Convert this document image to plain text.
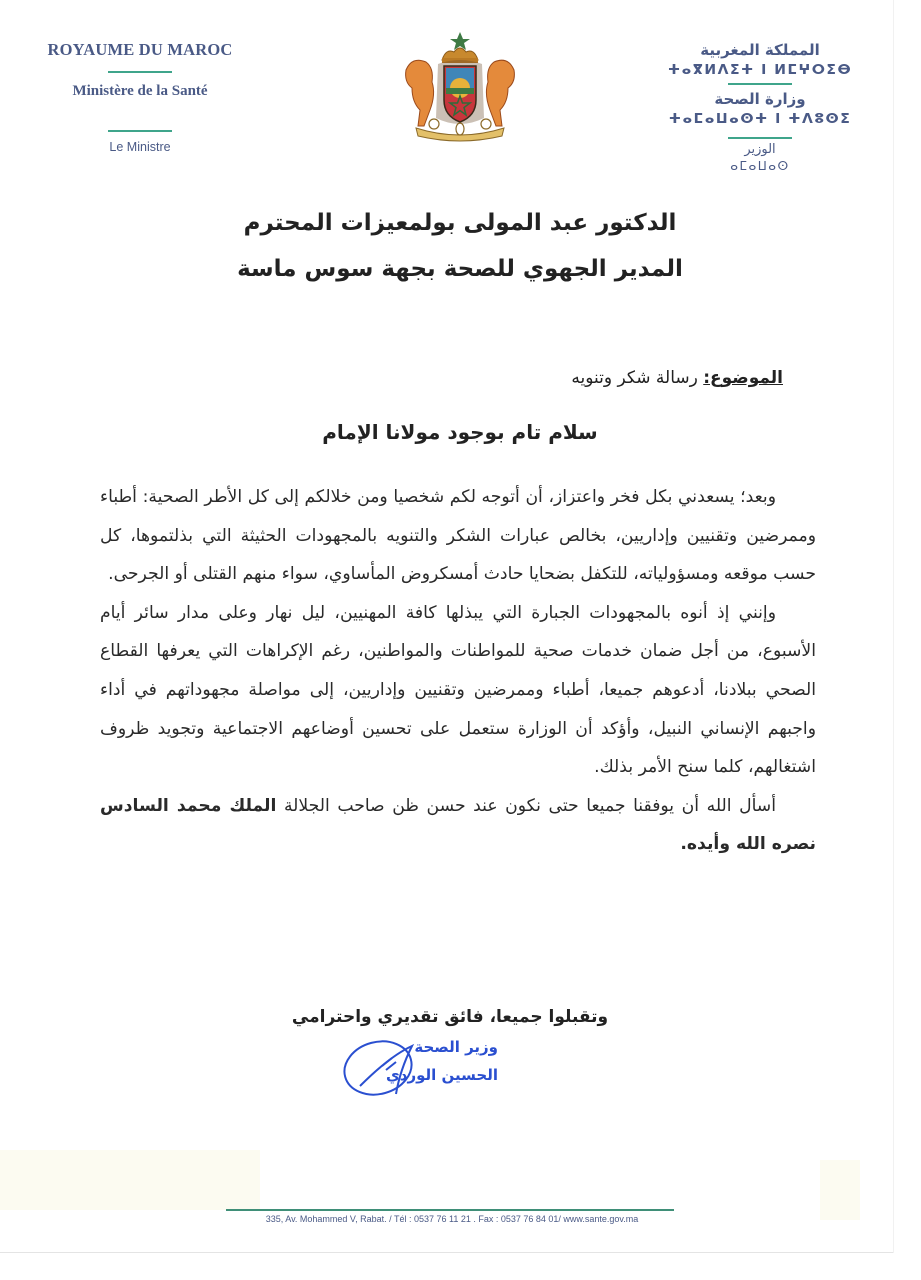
ROYAUME DU MAROC
Ministère de la Santé
Le Ministre
المملكة المغربية
ⵜⴰⴳⵍⴷⵉⵜ ⵏ ⵍⵎⵖⵔⵉⴱ
وزارة الصحة
ⵜⴰⵎⴰⵡⴰⵙⵜ ⵏ ⵜⴷⵓⵙⵉ
الوزير
ⴰⵎⴰⵡⴰⵙ
الدكتور عبد المولى بولمعيزات المحترم
المدير الجهوي للصحة بجهة سوس ماسة
الموضوع: رسالة شكر وتنويه
سلام تام بوجود مولانا الإمام

وبعد؛ يسعدني بكل فخر واعتزاز، أن أتوجه لكم شخصيا ومن خلالكم إلى كل الأطر الصحية: أطباء وممرضين وتقنيين وإداريين، بخالص عبارات الشكر والتنويه بالمجهودات الحثيثة التي بذلتموها، كل حسب موقعه ومسؤولياته، للتكفل بضحايا حادث أمسكروض المأساوي، سواء منهم القتلى أو الجرحى.

وإنني إذ أنوه بالمجهودات الجبارة التي يبذلها كافة المهنيين، ليل نهار وعلى مدار سائر أيام الأسبوع، من أجل ضمان خدمات صحية للمواطنات والمواطنين، رغم الإكراهات التي يعرفها القطاع الصحي ببلادنا، أدعوهم جميعا، أطباء وممرضين وتقنيين وإداريين، إلى مواصلة مجهوداتهم في أداء واجبهم الإنساني النبيل، وأؤكد أن الوزارة ستعمل على تحسين أوضاعهم الاجتماعية وتجويد ظروف اشتغالهم، كلما سنح الأمر بذلك.

أسأل الله أن يوفقنا جميعا حتى نكون عند حسن ظن صاحب الجلالة الملك محمد السادس نصره الله وأيده.

وتقبلوا جميعا، فائق تقديري واحترامي
وزير الصحة
الحسين الوردي
335, Av. Mohammed V, Rabat. / Tél : 0537 76 11 21 . Fax : 0537 76 84 01/ www.sante.gov.ma
